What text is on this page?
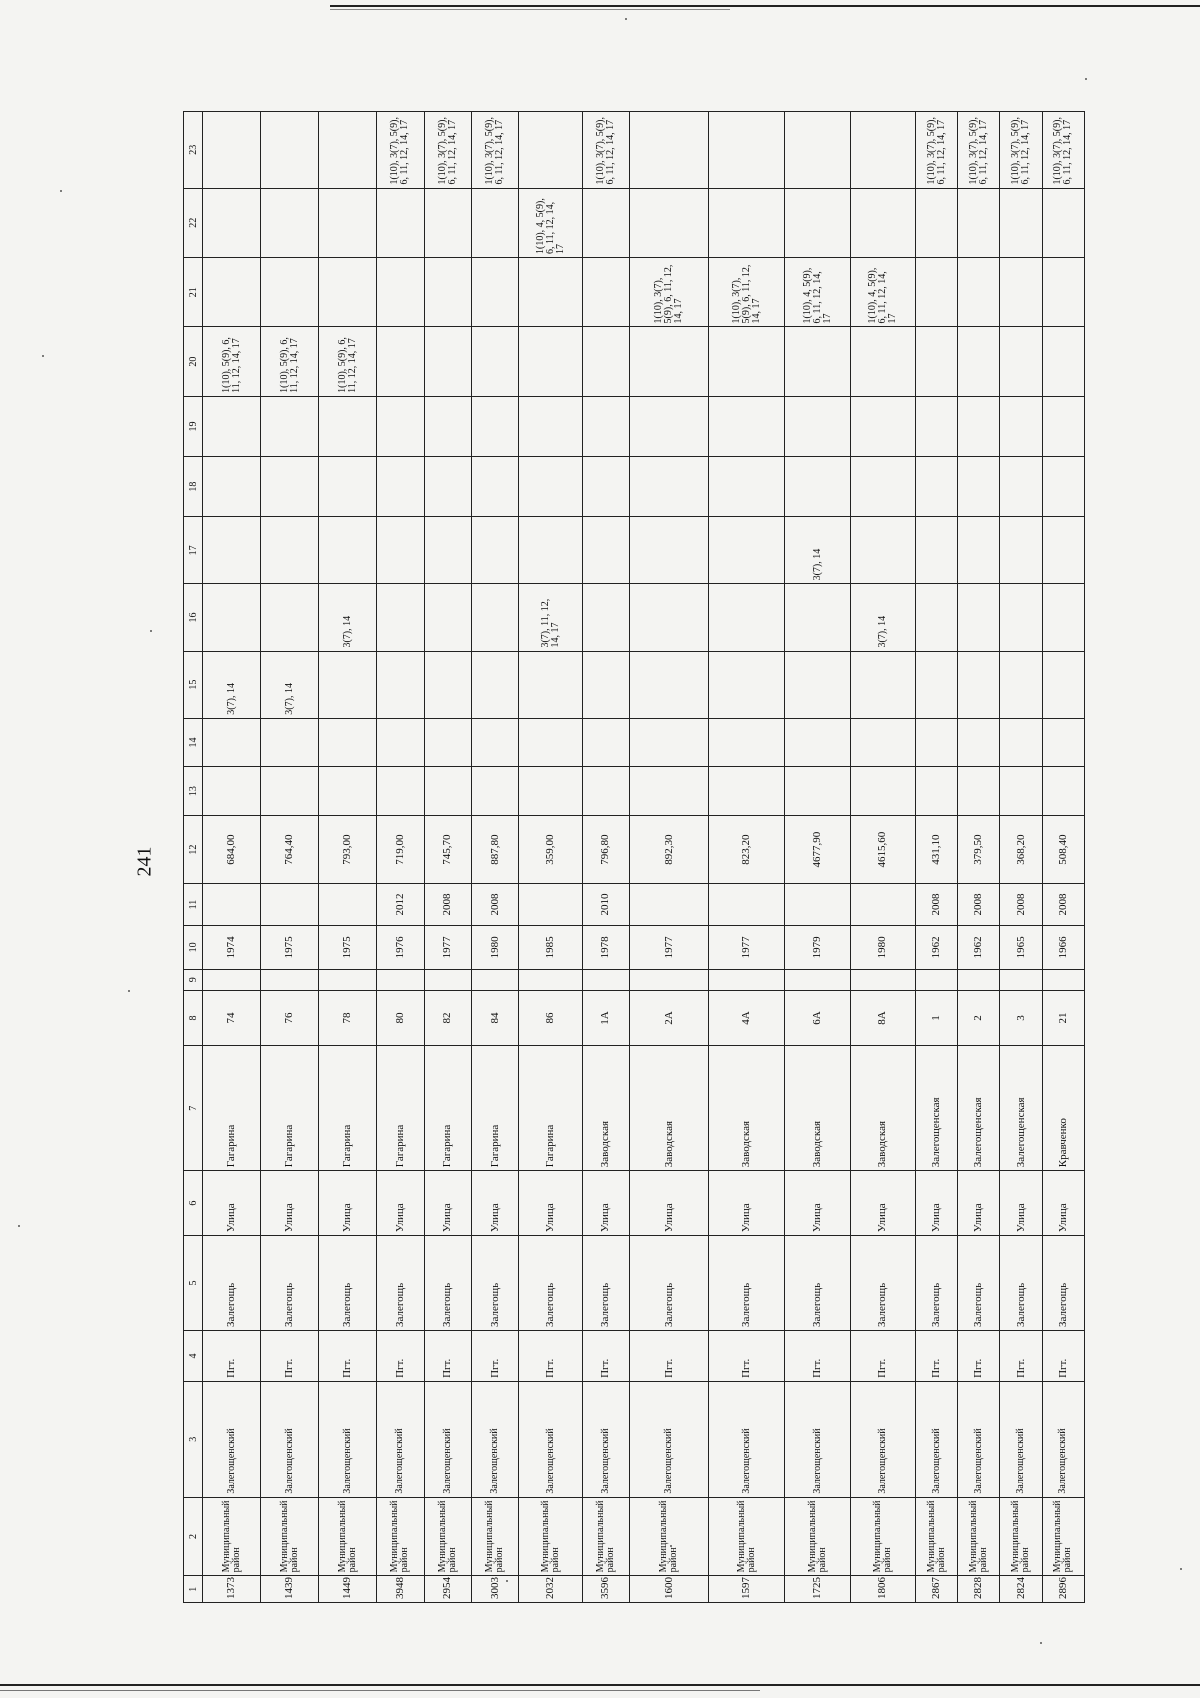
241
1	2	3	4	5	6	7	8	9	10	11	12	13	14	15	16	17	18	19	20	21	22	23
1373	Муниципальный район	Залегощенский	Пгт.	Залегощь	Улица	Гагарина	74		1974		684,00			3(7), 14					1(10), 5(9), 6, 11, 12, 14, 17			
1439	Муниципальный район	Залегощенский	Пгт.	Залегощь	Улица	Гагарина	76		1975		764,40			3(7), 14					1(10), 5(9), 6, 11, 12, 14, 17			
1449	Муниципальный район	Залегощенский	Пгт.	Залегощь	Улица	Гагарина	78		1975		793,00				3(7), 14				1(10), 5(9), 6, 11, 12, 14, 17			
3948	Муниципальный район	Залегощенский	Пгт.	Залегощь	Улица	Гагарина	80		1976	2012	719,00											1(10), 3(7), 5(9), 6, 11, 12, 14, 17
2954	Муниципальный район	Залегощенский	Пгт.	Залегощь	Улица	Гагарина	82		1977	2008	745,70											1(10), 3(7), 5(9), 6, 11, 12, 14, 17
3003	Муниципальный район	Залегощенский	Пгт.	Залегощь	Улица	Гагарина	84		1980	2008	887,80											1(10), 3(7), 5(9), 6, 11, 12, 14, 17
2032	Муниципальный район	Залегощенский	Пгт.	Залегощь	Улица	Гагарина	86		1985		359,00				3(7), 11, 12, 14, 17						1(10), 4, 5(9), 6, 11, 12, 14, 17	
3596	Муниципальный район	Залегощенский	Пгт.	Залегощь	Улица	Заводская	1А		1978	2010	796,80											1(10), 3(7), 5(9), 6, 11, 12, 14, 17
1600	Муниципальный район	Залегощенский	Пгт.	Залегощь	Улица	Заводская	2А		1977		892,30									1(10), 3(7), 5(9), 6, 11, 12, 14, 17		
1597	Муниципальный район	Залегощенский	Пгт.	Залегощь	Улица	Заводская	4А		1977		823,20									1(10), 3(7), 5(9), 6, 11, 12, 14, 17		
1725	Муниципальный район	Залегощенский	Пгт.	Залегощь	Улица	Заводская	6А		1979		4677,90					3(7), 14				1(10), 4, 5(9), 6, 11, 12, 14, 17		
1806	Муниципальный район	Залегощенский	Пгт.	Залегощь	Улица	Заводская	8А		1980		4615,60				3(7), 14					1(10), 4, 5(9), 6, 11, 12, 14, 17		
2867	Муниципальный район	Залегощенский	Пгт.	Залегощь	Улица	Залегощенская	1		1962	2008	431,10											1(10), 3(7), 5(9), 6, 11, 12, 14, 17
2828	Муниципальный район	Залегощенский	Пгт.	Залегощь	Улица	Залегощенская	2		1962	2008	379,50											1(10), 3(7), 5(9), 6, 11, 12, 14, 17
2824	Муниципальный район	Залегощенский	Пгт.	Залегощь	Улица	Залегощенская	3		1965	2008	368,20											1(10), 3(7), 5(9), 6, 11, 12, 14, 17
2896	Муниципальный район	Залегощенский	Пгт.	Залегощь	Улица	Кравченко	21		1966	2008	508,40											1(10), 3(7), 5(9), 6, 11, 12, 14, 17
